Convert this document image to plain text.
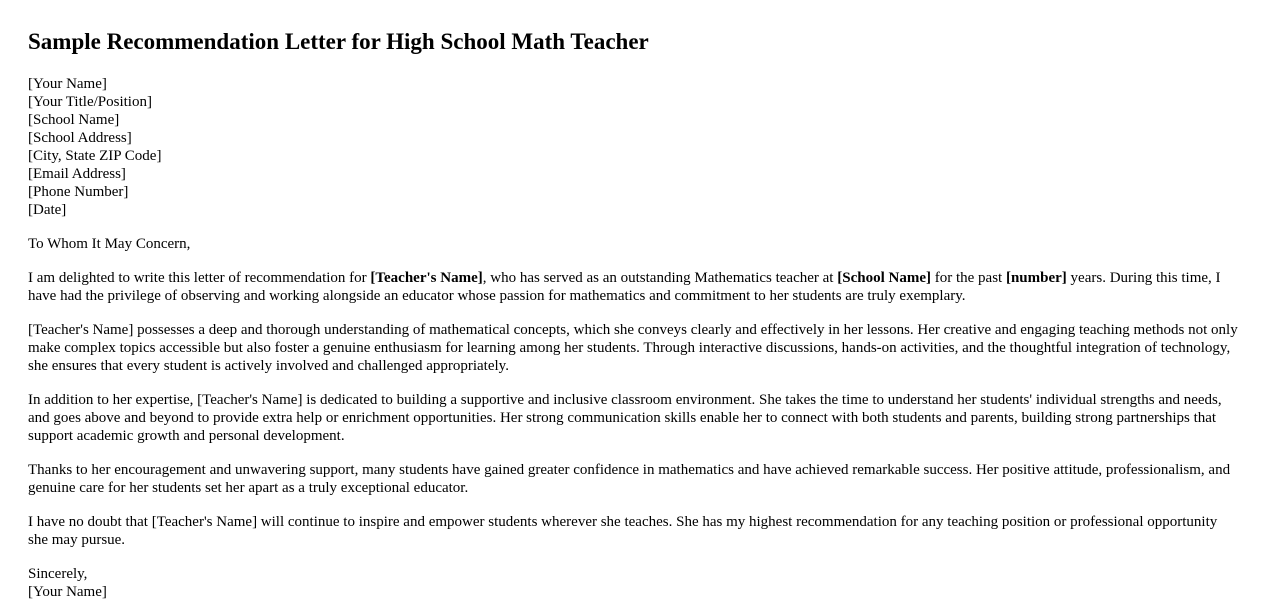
Sample Recommendation Letter for High School Math Teacher
[Your Name]
[Your Title/Position]
[School Name]
[School Address]
[City, State ZIP Code]
[Email Address]
[Phone Number]
[Date]

To Whom It May Concern,

I am delighted to write this letter of recommendation for [Teacher's Name], who has served as an outstanding Mathematics teacher at [School Name] for the past [number] years. During this time, I have had the privilege of observing and working alongside an educator whose passion for mathematics and commitment to her students are truly exemplary.

[Teacher's Name] possesses a deep and thorough understanding of mathematical concepts, which she conveys clearly and effectively in her lessons. Her creative and engaging teaching methods not only make complex topics accessible but also foster a genuine enthusiasm for learning among her students. Through interactive discussions, hands-on activities, and the thoughtful integration of technology, she ensures that every student is actively involved and challenged appropriately.

In addition to her expertise, [Teacher's Name] is dedicated to building a supportive and inclusive classroom environment. She takes the time to understand her students' individual strengths and needs, and goes above and beyond to provide extra help or enrichment opportunities. Her strong communication skills enable her to connect with both students and parents, building strong partnerships that support academic growth and personal development.

Thanks to her encouragement and unwavering support, many students have gained greater confidence in mathematics and have achieved remarkable success. Her positive attitude, professionalism, and genuine care for her students set her apart as a truly exceptional educator.

I have no doubt that [Teacher's Name] will continue to inspire and empower students wherever she teaches. She has my highest recommendation for any teaching position or professional opportunity she may pursue.

Sincerely,
[Your Name]
